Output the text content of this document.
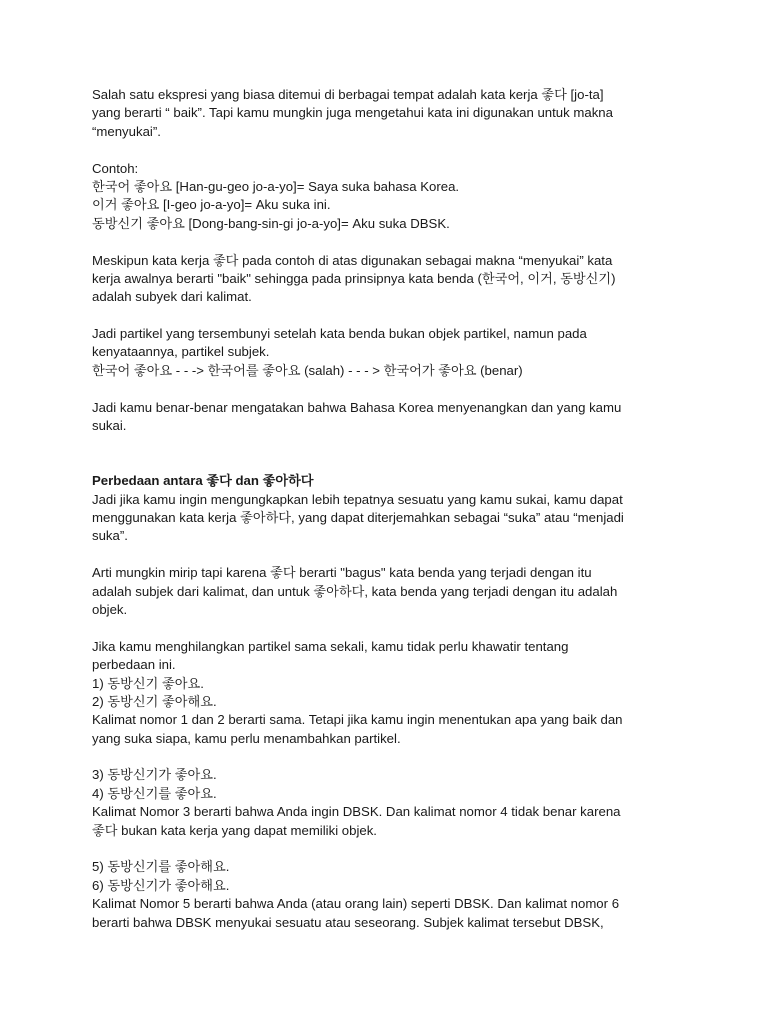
Salah satu ekspresi yang biasa ditemui di berbagai tempat adalah kata kerja 좋다 [jo-ta]
yang berarti “ baik”. Tapi kamu mungkin juga mengetahui kata ini digunakan untuk makna
“menyukai”.
Contoh:
한국어 좋아요 [Han-gu-geo jo-a-yo]= Saya suka bahasa Korea.
이거 좋아요 [I-geo jo-a-yo]= Aku suka ini.
동방신기 좋아요 [Dong-bang-sin-gi jo-a-yo]= Aku suka DBSK.
Meskipun kata kerja 좋다 pada contoh di atas digunakan sebagai makna “menyukai” kata
kerja awalnya berarti "baik" sehingga pada prinsipnya kata benda (한국어, 이거, 동방신기)
adalah subyek dari kalimat.
Jadi partikel yang tersembunyi setelah kata benda bukan objek partikel, namun pada
kenyataannya, partikel subjek.
한국어 좋아요 - - -> 한국어를 좋아요 (salah) - - - > 한국어가 좋아요 (benar)
Jadi kamu benar-benar mengatakan bahwa Bahasa Korea menyenangkan dan yang kamu
sukai.
Perbedaan antara 좋다 dan 좋아하다
Jadi jika kamu ingin mengungkapkan lebih tepatnya sesuatu yang kamu sukai, kamu dapat
menggunakan kata kerja 좋아하다, yang dapat diterjemahkan sebagai “suka” atau “menjadi
suka”.
Arti mungkin mirip tapi karena 좋다 berarti "bagus" kata benda yang terjadi dengan itu
adalah subjek dari kalimat, dan untuk 좋아하다, kata benda yang terjadi dengan itu adalah
objek.
Jika kamu menghilangkan partikel sama sekali, kamu tidak perlu khawatir tentang
perbedaan ini.
1) 동방신기 좋아요.
2) 동방신기 좋아해요.
Kalimat nomor 1 dan 2 berarti sama. Tetapi jika kamu ingin menentukan apa yang baik dan
yang suka siapa, kamu perlu menambahkan partikel.
3) 동방신기가 좋아요.
4) 동방신기를 좋아요.
Kalimat Nomor 3 berarti bahwa Anda ingin DBSK. Dan kalimat nomor 4 tidak benar karena
좋다 bukan kata kerja yang dapat memiliki objek.
5) 동방신기를 좋아해요.
6) 동방신기가 좋아해요.
Kalimat Nomor 5 berarti bahwa Anda (atau orang lain) seperti DBSK. Dan kalimat nomor 6
berarti bahwa DBSK menyukai sesuatu atau seseorang. Subjek kalimat tersebut DBSK,
